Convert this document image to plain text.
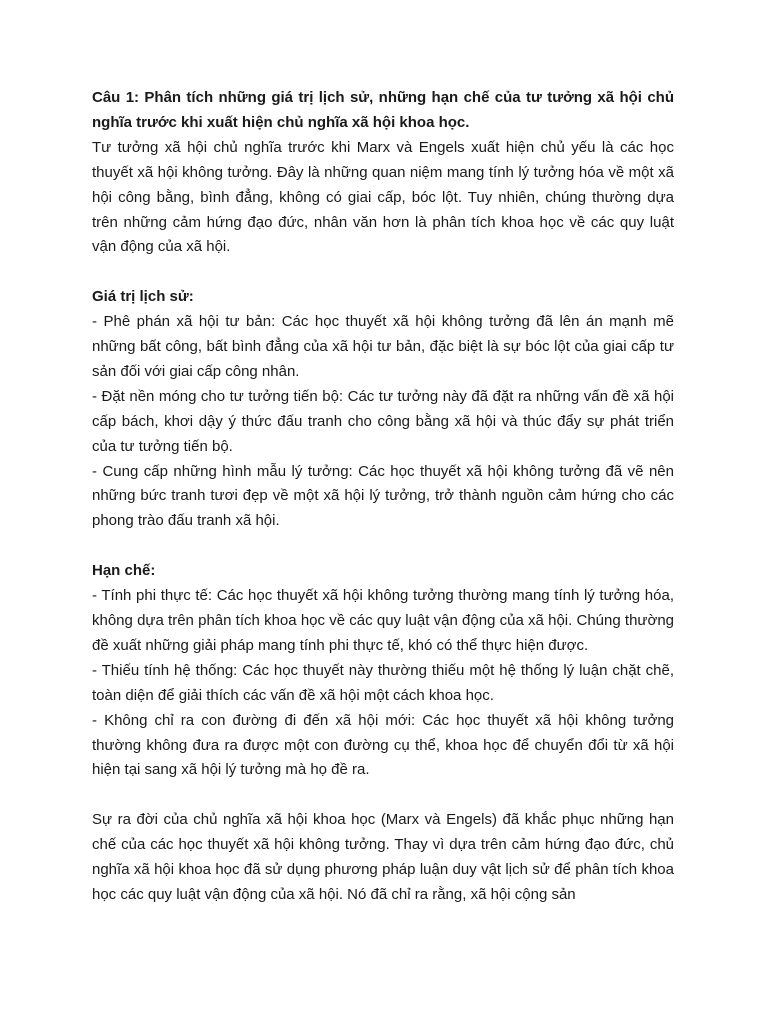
Câu 1: Phân tích những giá trị lịch sử, những hạn chế của tư tưởng xã hội chủ nghĩa trước khi xuất hiện chủ nghĩa xã hội khoa học.

Tư tưởng xã hội chủ nghĩa trước khi Marx và Engels xuất hiện chủ yếu là các học thuyết xã hội không tưởng. Đây là những quan niệm mang tính lý tưởng hóa về một xã hội công bằng, bình đẳng, không có giai cấp, bóc lột. Tuy nhiên, chúng thường dựa trên những cảm hứng đạo đức, nhân văn hơn là phân tích khoa học về các quy luật vận động của xã hội.

Giá trị lịch sử:

- Phê phán xã hội tư bản: Các học thuyết xã hội không tưởng đã lên án mạnh mẽ những bất công, bất bình đẳng của xã hội tư bản, đặc biệt là sự bóc lột của giai cấp tư sản đối với giai cấp công nhân.

- Đặt nền móng cho tư tưởng tiến bộ: Các tư tưởng này đã đặt ra những vấn đề xã hội cấp bách, khơi dậy ý thức đấu tranh cho công bằng xã hội và thúc đẩy sự phát triển của tư tưởng tiến bộ.

- Cung cấp những hình mẫu lý tưởng: Các học thuyết xã hội không tưởng đã vẽ nên những bức tranh tươi đẹp về một xã hội lý tưởng, trở thành nguồn cảm hứng cho các phong trào đấu tranh xã hội.

Hạn chế:

- Tính phi thực tế: Các học thuyết xã hội không tưởng thường mang tính lý tưởng hóa, không dựa trên phân tích khoa học về các quy luật vận động của xã hội. Chúng thường đề xuất những giải pháp mang tính phi thực tế, khó có thể thực hiện được.

- Thiếu tính hệ thống: Các học thuyết này thường thiếu một hệ thống lý luận chặt chẽ, toàn diện để giải thích các vấn đề xã hội một cách khoa học.

- Không chỉ ra con đường đi đến xã hội mới: Các học thuyết xã hội không tưởng thường không đưa ra được một con đường cụ thể, khoa học để chuyển đổi từ xã hội hiện tại sang xã hội lý tưởng mà họ đề ra.

Sự ra đời của chủ nghĩa xã hội khoa học (Marx và Engels) đã khắc phục những hạn chế của các học thuyết xã hội không tưởng. Thay vì dựa trên cảm hứng đạo đức, chủ nghĩa xã hội khoa học đã sử dụng phương pháp luận duy vật lịch sử để phân tích khoa học các quy luật vận động của xã hội. Nó đã chỉ ra rằng, xã hội cộng sản
